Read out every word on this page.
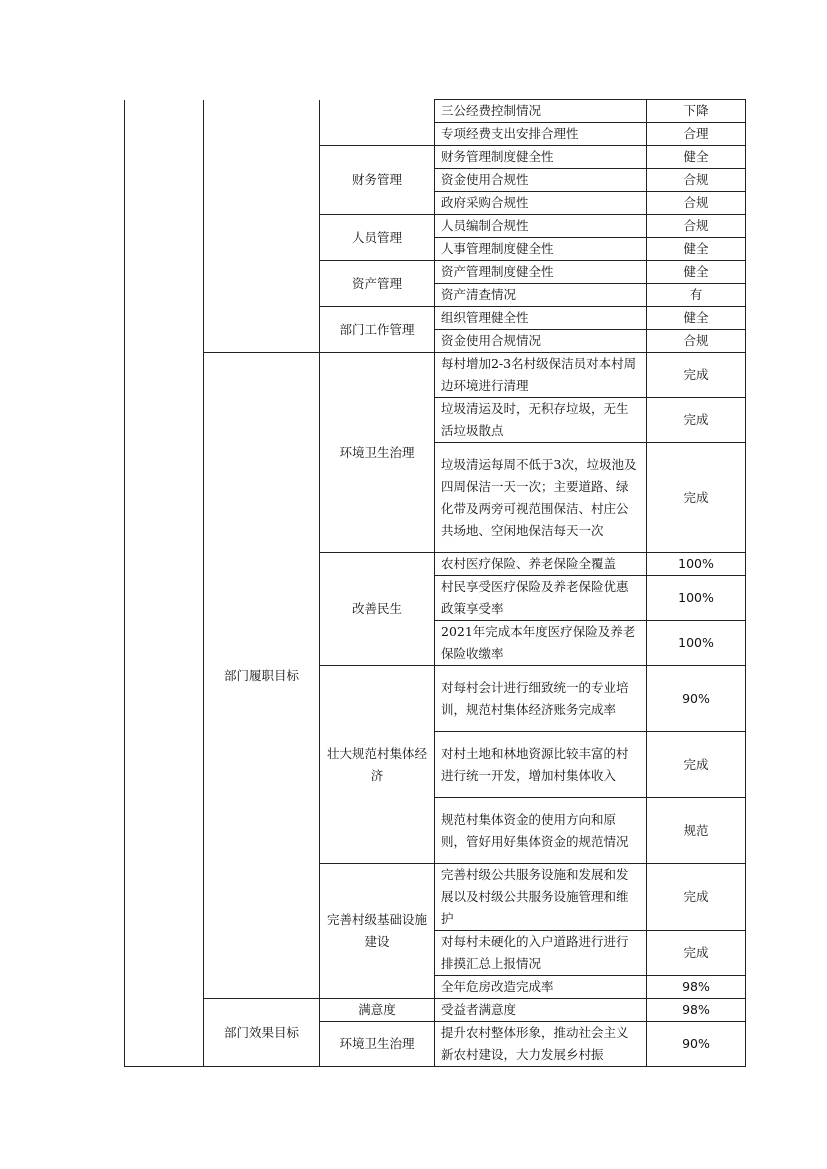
			三公经费控制情况	下降
			专项经费支出安排合理性	合理
		财务管理	财务管理制度健全性	健全
			资金使用合规性	合规
			政府采购合规性	合规
		人员管理	人员编制合规性	合规
			人事管理制度健全性	健全
		资产管理	资产管理制度健全性	健全
			资产清查情况	有
		部门工作管理	组织管理健全性	健全
			资金使用合规情况	合规
	部门履职目标	环境卫生治理	每村增加2-3名村级保洁员对本村周边环境进行清理	完成
			垃圾清运及时，无积存垃圾，无生活垃圾散点	完成
			垃圾清运每周不低于3次，垃圾池及四周保洁一天一次；主要道路、绿化带及两旁可视范围保洁、村庄公共场地、空闲地保洁每天一次	完成
		改善民生	农村医疗保险、养老保险全覆盖	100%
			村民享受医疗保险及养老保险优惠政策享受率	100%
			2021年完成本年度医疗保险及养老保险收缴率	100%
		壮大规范村集体经济	对每村会计进行细致统一的专业培训，规范村集体经济账务完成率	90%
			对村土地和林地资源比较丰富的村进行统一开发，增加村集体收入	完成
			规范村集体资金的使用方向和原则，管好用好集体资金的规范情况	规范
		完善村级基础设施建设	完善村级公共服务设施和发展和发展以及村级公共服务设施管理和维护	完成
			对每村未硬化的入户道路进行进行排摸汇总上报情况	完成
			全年危房改造完成率	98%
	部门效果目标	满意度	受益者满意度	98%
		环境卫生治理	提升农村整体形象，推动社会主义新农村建设，大力发展乡村振	90%
